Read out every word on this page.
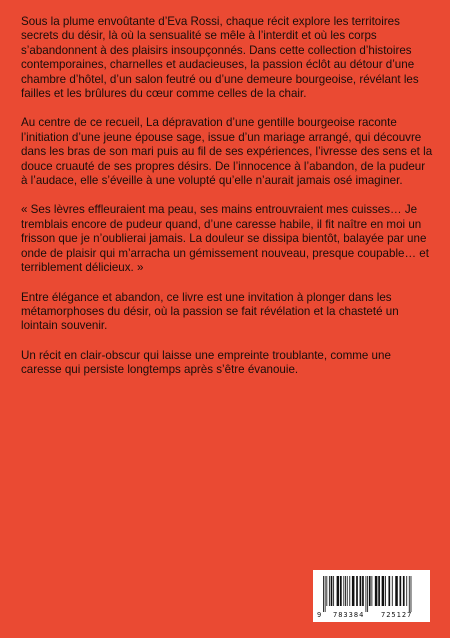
Sous la plume envoûtante d’Eva Rossi, chaque récit explore les territoires secrets du désir, là où la sensualité se mêle à l’interdit et où les corps s’abandonnent à des plaisirs insoupçonnés. Dans cette collection d’histoires contemporaines, charnelles et audacieuses, la passion éclôt au détour d’une chambre d’hôtel, d’un salon feutré ou d’une demeure bourgeoise, révélant les failles et les brûlures du cœur comme celles de la chair.

Au centre de ce recueil, La dépravation d’une gentille bourgeoise raconte l’initiation d’une jeune épouse sage, issue d’un mariage arrangé, qui découvre dans les bras de son mari puis au fil de ses expériences, l’ivresse des sens et la douce cruauté de ses propres désirs. De l’innocence à l’abandon, de la pudeur à l’audace, elle s’éveille à une volupté qu’elle n’aurait jamais osé imaginer.

« Ses lèvres effleuraient ma peau, ses mains entrouvraient mes cuisses… Je tremblais encore de pudeur quand, d’une caresse habile, il fit naître en moi un frisson que je n’oublierai jamais. La douleur se dissipa bientôt, balayée par une onde de plaisir qui m’arracha un gémissement nouveau, presque coupable… et terriblement délicieux. »

Entre élégance et abandon, ce livre est une invitation à plonger dans les métamorphoses du désir, où la passion se fait révélation et la chasteté un lointain souvenir.

Un récit en clair-obscur qui laisse une empreinte troublante, comme une caresse qui persiste longtemps après s’être évanouie.

9	783384	725127
